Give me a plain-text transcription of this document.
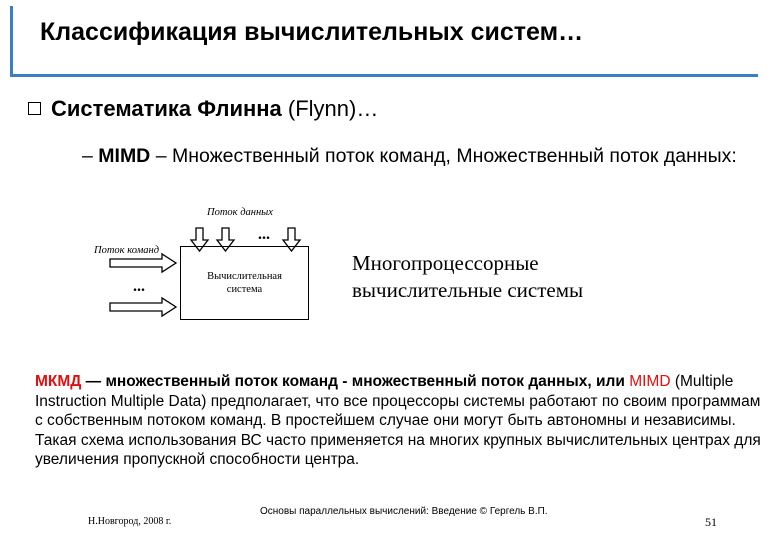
Классификация вычислительных систем…
Систематика Флинна (Flynn)…
– MIMD – Множественный поток команд, Множественный поток данных:
Поток данных
Поток команд
...
...
Вычислительная
система
Многопроцессорные
вычислительные системы
МКМД — множественный поток команд - множественный поток данных, или MIMD (Multiple Instruction Multiple Data) предполагает, что все процессоры системы работают по своим программам с собственным потоком команд. В простейшем случае они могут быть автономны и независимы. Такая схема использования ВС часто применяется на многих крупных вычислительных центрах для увеличения пропускной способности центра.
Н.Новгород, 2008 г.
Основы параллельных вычислений: Введение © Гергель В.П.
51
